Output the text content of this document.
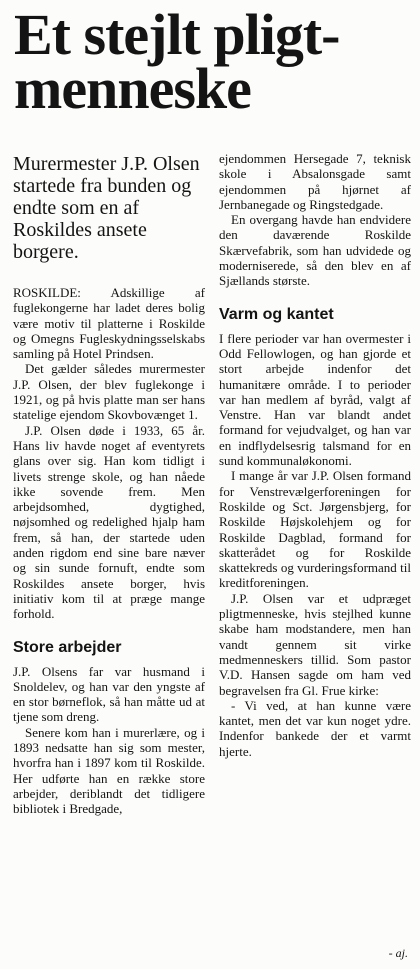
Et stejlt pligt-menneske
Murermester J.P. Olsen startede fra bunden og endte som en af Roskildes ansete borgere.

ROSKILDE: Adskillige af fuglekongerne har ladet deres bolig være motiv til platterne i Roskilde og Omegns Fugleskydningsselskabs samling på Hotel Prindsen.

Det gælder således murermester J.P. Olsen, der blev fuglekonge i 1921, og på hvis platte man ser hans statelige ejendom Skovbovænget 1.

J.P. Olsen døde i 1933, 65 år. Hans liv havde noget af eventyrets glans over sig. Han kom tidligt i livets strenge skole, og han nåede ikke sovende frem. Men arbejdsomhed, dygtighed, nøjsomhed og redelighed hjalp ham frem, så han, der startede uden anden rigdom end sine bare næver og sin sunde fornuft, endte som Roskildes ansete borger, hvis initiativ kom til at præge mange forhold.

Store arbejder

J.P. Olsens far var husmand i Snoldelev, og han var den yngste af en stor børneflok, så han måtte ud at tjene som dreng.

Senere kom han i murerlære, og i 1893 nedsatte han sig som mester, hvorfra han i 1897 kom til Roskilde. Her udførte han en række store arbejder, deriblandt det tidligere bibliotek i Bredgade,

ejendommen Hersegade 7, teknisk skole i Absalonsgade samt ejendommen på hjørnet af Jernbanegade og Ringstedgade.

En overgang havde han endvidere den daværende Roskilde Skærvefabrik, som han udvidede og moderniserede, så den blev en af Sjællands største.

Varm og kantet

I flere perioder var han overmester i Odd Fellowlogen, og han gjorde et stort arbejde indenfor det humanitære område. I to perioder var han medlem af byråd, valgt af Venstre. Han var blandt andet formand for vejudvalget, og han var en indflydelsesrig talsmand for en sund kommunaløkonomi.

I mange år var J.P. Olsen formand for Venstrevælgerforeningen for Roskilde og Sct. Jørgensbjerg, for Roskilde Højskolehjem og for Roskilde Dagblad, formand for skatterådet og for Roskilde skattekreds og vurderingsformand til kreditforeningen.

J.P. Olsen var et udpræget pligtmenneske, hvis stejlhed kunne skabe ham modstandere, men han vandt gennem sit virke medmenneskers tillid. Som pastor V.D. Hansen sagde om ham ved begravelsen fra Gl. Frue kirke:

- Vi ved, at han kunne være kantet, men det var kun noget ydre. Indenfor bankede der et varmt hjerte.

- aj.
